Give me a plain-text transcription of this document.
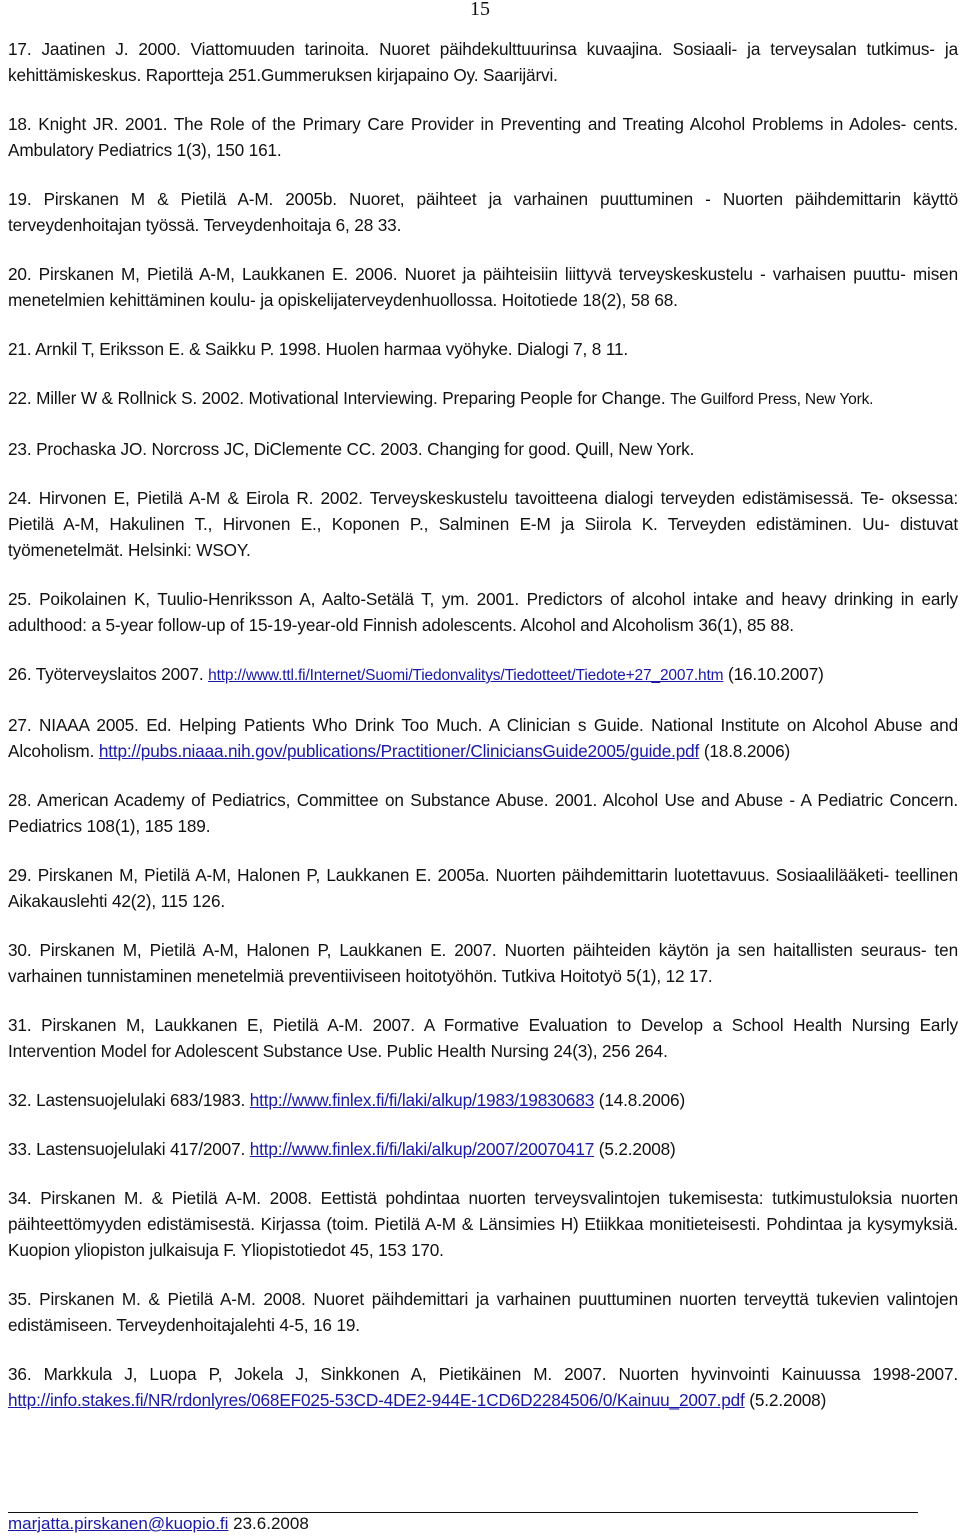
15

17. Jaatinen J. 2000. Viattomuuden tarinoita. Nuoret päihdekulttuurinsa kuvaajina. Sosiaali- ja terveysalan tutkimus- ja kehittämiskeskus. Raportteja 251.Gummeruksen kirjapaino Oy. Saarijärvi.

18. Knight JR. 2001. The Role of the Primary Care Provider in Preventing and Treating Alcohol Problems in Adoles- cents. Ambulatory Pediatrics 1(3), 150 161.

19. Pirskanen M & Pietilä A-M. 2005b. Nuoret, päihteet ja varhainen puuttuminen - Nuorten päihdemittarin käyttö terveydenhoitajan työssä. Terveydenhoitaja 6, 28 33.

20. Pirskanen M, Pietilä A-M, Laukkanen E. 2006. Nuoret ja päihteisiin liittyvä terveyskeskustelu - varhaisen puuttu- misen menetelmien kehittäminen koulu- ja opiskelijaterveydenhuollossa. Hoitotiede 18(2), 58 68.

21. Arnkil T, Eriksson E. & Saikku P. 1998. Huolen harmaa vyöhyke. Dialogi 7, 8 11.

22. Miller W & Rollnick S. 2002. Motivational Interviewing. Preparing People for Change. The Guilford Press, New York.

23. Prochaska JO. Norcross JC, DiClemente CC. 2003. Changing for good. Quill, New York.

24. Hirvonen E, Pietilä A-M & Eirola R. 2002. Terveyskeskustelu tavoitteena dialogi terveyden edistämisessä. Te- oksessa: Pietilä A-M, Hakulinen T., Hirvonen E., Koponen P., Salminen E-M ja Siirola K. Terveyden edistäminen. Uu- distuvat työmenetelmät. Helsinki: WSOY.

25. Poikolainen K, Tuulio-Henriksson A, Aalto-Setälä T, ym. 2001. Predictors of alcohol intake and heavy drinking in early adulthood: a 5-year follow-up of 15-19-year-old Finnish adolescents. Alcohol and Alcoholism 36(1), 85 88.

26. Työterveyslaitos 2007. http://www.ttl.fi/Internet/Suomi/Tiedonvalitys/Tiedotteet/Tiedote+27_2007.htm (16.10.2007)

27. NIAAA 2005. Ed. Helping Patients Who Drink Too Much. A Clinician s Guide. National Institute on Alcohol Abuse and Alcoholism. http://pubs.niaaa.nih.gov/publications/Practitioner/CliniciansGuide2005/guide.pdf (18.8.2006)

28. American Academy of Pediatrics, Committee on Substance Abuse. 2001. Alcohol Use and Abuse - A Pediatric Concern. Pediatrics 108(1), 185 189.

29. Pirskanen M, Pietilä A-M, Halonen P, Laukkanen E. 2005a. Nuorten päihdemittarin luotettavuus. Sosiaalilääketi- teellinen Aikakauslehti 42(2), 115 126.

30. Pirskanen M, Pietilä A-M, Halonen P, Laukkanen E. 2007. Nuorten päihteiden käytön ja sen haitallisten seuraus- ten varhainen tunnistaminen menetelmiä preventiiviseen hoitotyöhön. Tutkiva Hoitotyö 5(1), 12 17.

31. Pirskanen M, Laukkanen E, Pietilä A-M. 2007. A Formative Evaluation to Develop a School Health Nursing Early Intervention Model for Adolescent Substance Use. Public Health Nursing 24(3), 256 264.

32. Lastensuojelulaki 683/1983. http://www.finlex.fi/fi/laki/alkup/1983/19830683 (14.8.2006)

33. Lastensuojelulaki 417/2007. http://www.finlex.fi/fi/laki/alkup/2007/20070417 (5.2.2008)

34. Pirskanen M. & Pietilä A-M. 2008. Eettistä pohdintaa nuorten terveysvalintojen tukemisesta: tutkimustuloksia nuorten päihteettömyyden edistämisestä. Kirjassa (toim. Pietilä A-M & Länsimies H) Etiikkaa monitieteisesti. Pohdintaa ja kysymyksiä. Kuopion yliopiston julkaisuja F. Yliopistotiedot 45, 153 170.

35. Pirskanen M. & Pietilä A-M. 2008. Nuoret päihdemittari ja varhainen puuttuminen nuorten terveyttä tukevien valintojen edistämiseen. Terveydenhoitajalehti 4-5, 16 19.

36. Markkula J, Luopa P, Jokela J, Sinkkonen A, Pietikäinen M. 2007. Nuorten hyvinvointi Kainuussa 1998-2007. http://info.stakes.fi/NR/rdonlyres/068EF025-53CD-4DE2-944E-1CD6D2284506/0/Kainuu_2007.pdf (5.2.2008)

marjatta.pirskanen@kuopio.fi 23.6.2008
